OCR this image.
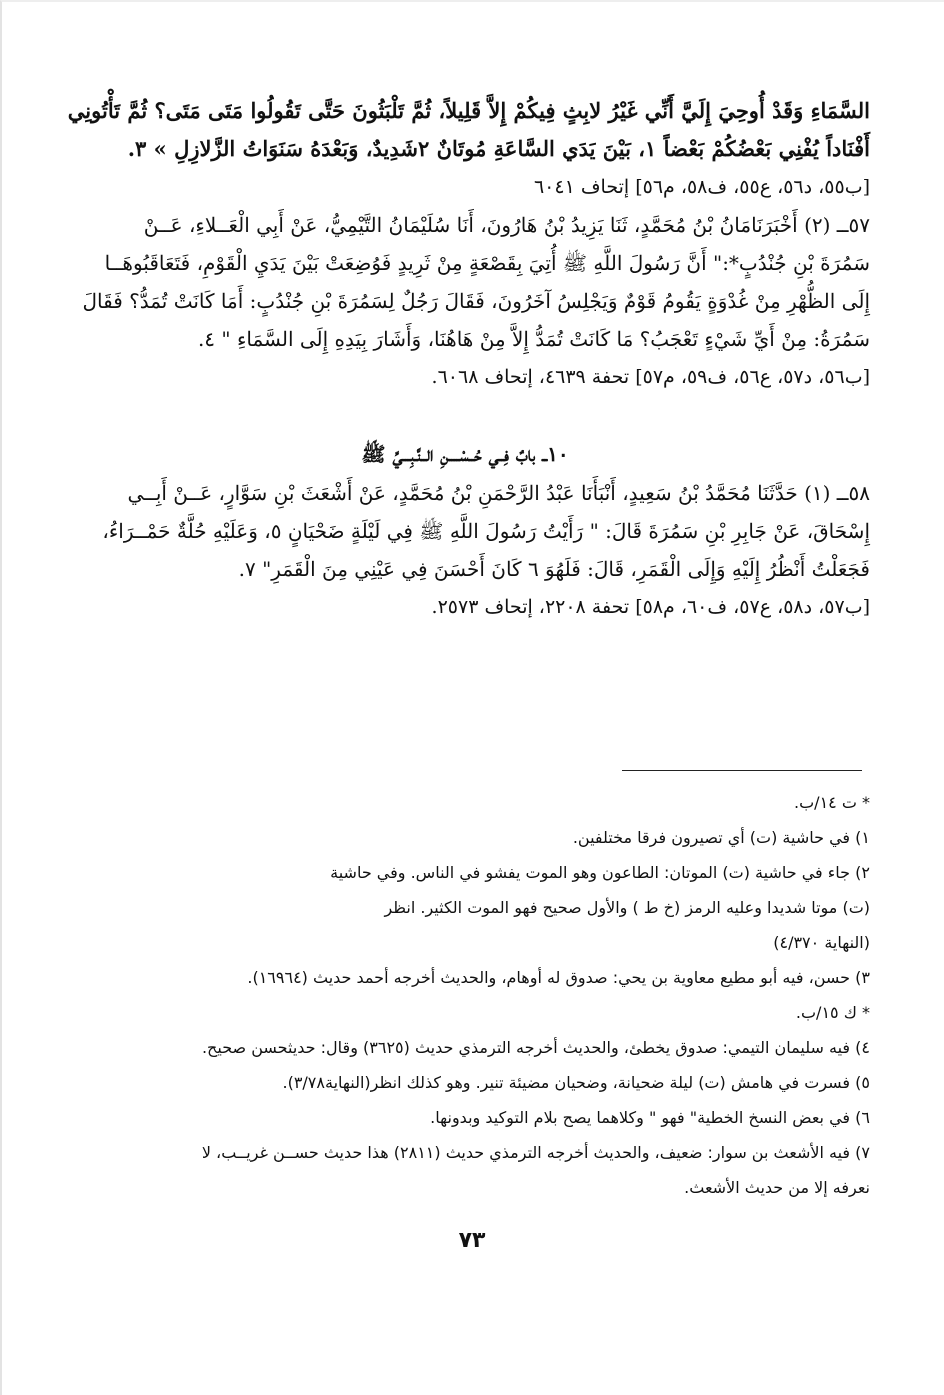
السَّمَاءِ وَقَدْ أُوحِيَ إِلَيَّ أَنِّي غَيْرُ لابِثٍ فِيكُمْ إِلاَّ قَلِيلاً، ثُمَّ تَلْبَثُونَ حَتَّى تَقُولُوا مَتَى مَتَى؟ ثُمَّ تَأْتُونِي
أَفْنَاداً يُفْنِي بَعْضُكُمْ بَعْضاً ١، بَيْنَ يَدَي السَّاعَةِ مُوتَانٌ ٢شَدِيدٌ، وَبَعْدَهُ سَنَوَاتُ الزَّلازِلِ » ٣.
[ب٥٥، د٥٦، ع٥٥، ف٥٨، م٥٦] إتحاف ٦٠٤١
٥٧ــ (٢) أَخْبَرَنَامَانُ بْنُ مُحَمَّدٍ، ثَنَا يَزِيدُ بْنُ هَارُونَ، أَنَا سُلَيْمَانُ التَّيْمِيُّ، عَنْ أَبِي الْعَــلاءِ، عَــنْ
سَمُرَةَ بْنِ جُنْدُبٍ*:" أَنَّ رَسُولَ اللَّهِ ﷺ أُتِيَ بِقَصْعَةٍ مِنْ ثَرِيدٍ فَوُضِعَتْ بَيْنَ يَدَيِ الْقَوْمِ، فَتَعَاقَبُوهَــا
إِلَى الظُّهْرِ مِنْ غُدْوَةٍ يَقُومُ قَوْمٌ وَيَجْلِسُ آخَرُونَ، فَقَالَ رَجُلٌ لِسَمُرَةَ بْنِ جُنْدُبٍ: أَمَا كَانَتْ تُمَدُّ؟ فَقَالَ
سَمُرَةُ: مِنْ أَيِّ شَيْءٍ تَعْجَبُ؟ مَا كَانَتْ تُمَدُّ إِلاَّ مِنْ هَاهُنَا، وَأَشَارَ بِيَدِهِ إِلَى السَّمَاءِ " ٤.
[ب٥٦، د٥٧، ع٥٦، ف٥٩، م٥٧] تحفة ٤٦٣٩، إتحاف ٦٠٦٨.
١٠ــ بابٌ فِــي حُــسْــــنِ الــنَّـبِـــيِّ ﷺ
٥٨ــ (١) حَدَّثَنَا مُحَمَّدُ بْنُ سَعِيدٍ، أَنْبَأَنَا عَبْدُ الرَّحْمَنِ بْنُ مُحَمَّدٍ، عَنْ أَشْعَثَ بْنِ سَوَّارٍ، عَــنْ أَبِــي
إِسْحَاقَ، عَنْ جَابِرِ بْنِ سَمُرَةَ قَالَ: " رَأَيْتُ رَسُولَ اللَّهِ ﷺ فِي لَيْلَةٍ ضَحْيَانٍ ٥، وَعَلَيْهِ حُلَّةٌ حَمْــرَاءُ،
فَجَعَلْتُ أَنْظُرُ إِلَيْهِ وَإِلَى الْقَمَرِ، قَالَ: فَلَهُوَ ٦ كَانَ أَحْسَنَ فِي عَيْنِي مِنَ الْقَمَرِ" ٧.
[ب٥٧، د٥٨، ع٥٧، ف٦٠، م٥٨] تحفة ٢٢٠٨، إتحاف ٢٥٧٣.
* ت ١٤/ب.
١) في حاشية (ت) أي تصيرون فرقا مختلفين.
٢) جاء في حاشية (ت) الموتان: الطاعون وهو الموت يفشو في الناس. وفي حاشية
(ت) موتا شديدا وعليه الرمز (خ ط ) والأول صحيح فهو الموت الكثير. انظر
(النهاية ٤/٣٧٠)
٣) حسن، فيه أبو مطيع معاوية بن يحي: صدوق له أوهام، والحديث أخرجه أحمد حديث (١٦٩٦٤).
* ك ١٥/ب.
٤) فيه سليمان التيمي: صدوق يخطئ، والحديث أخرجه الترمذي حديث (٣٦٢٥) وقال: حديثحسن صحيح.
٥) فسرت في هامش (ت) ليلة ضحيانة، وضحيان مضيئة تنير. وهو كذلك انظر(النهاية٣/٧٨).
٦) في بعض النسخ الخطية" فهو " وكلاهما يصح بلام التوكيد وبدونها.
٧) فيه الأشعث بن سوار: ضعيف، والحديث أخرجه الترمذي حديث (٢٨١١) هذا حديث حســن غريــب، لا
نعرفه إلا من حديث الأشعث.
٧٣
